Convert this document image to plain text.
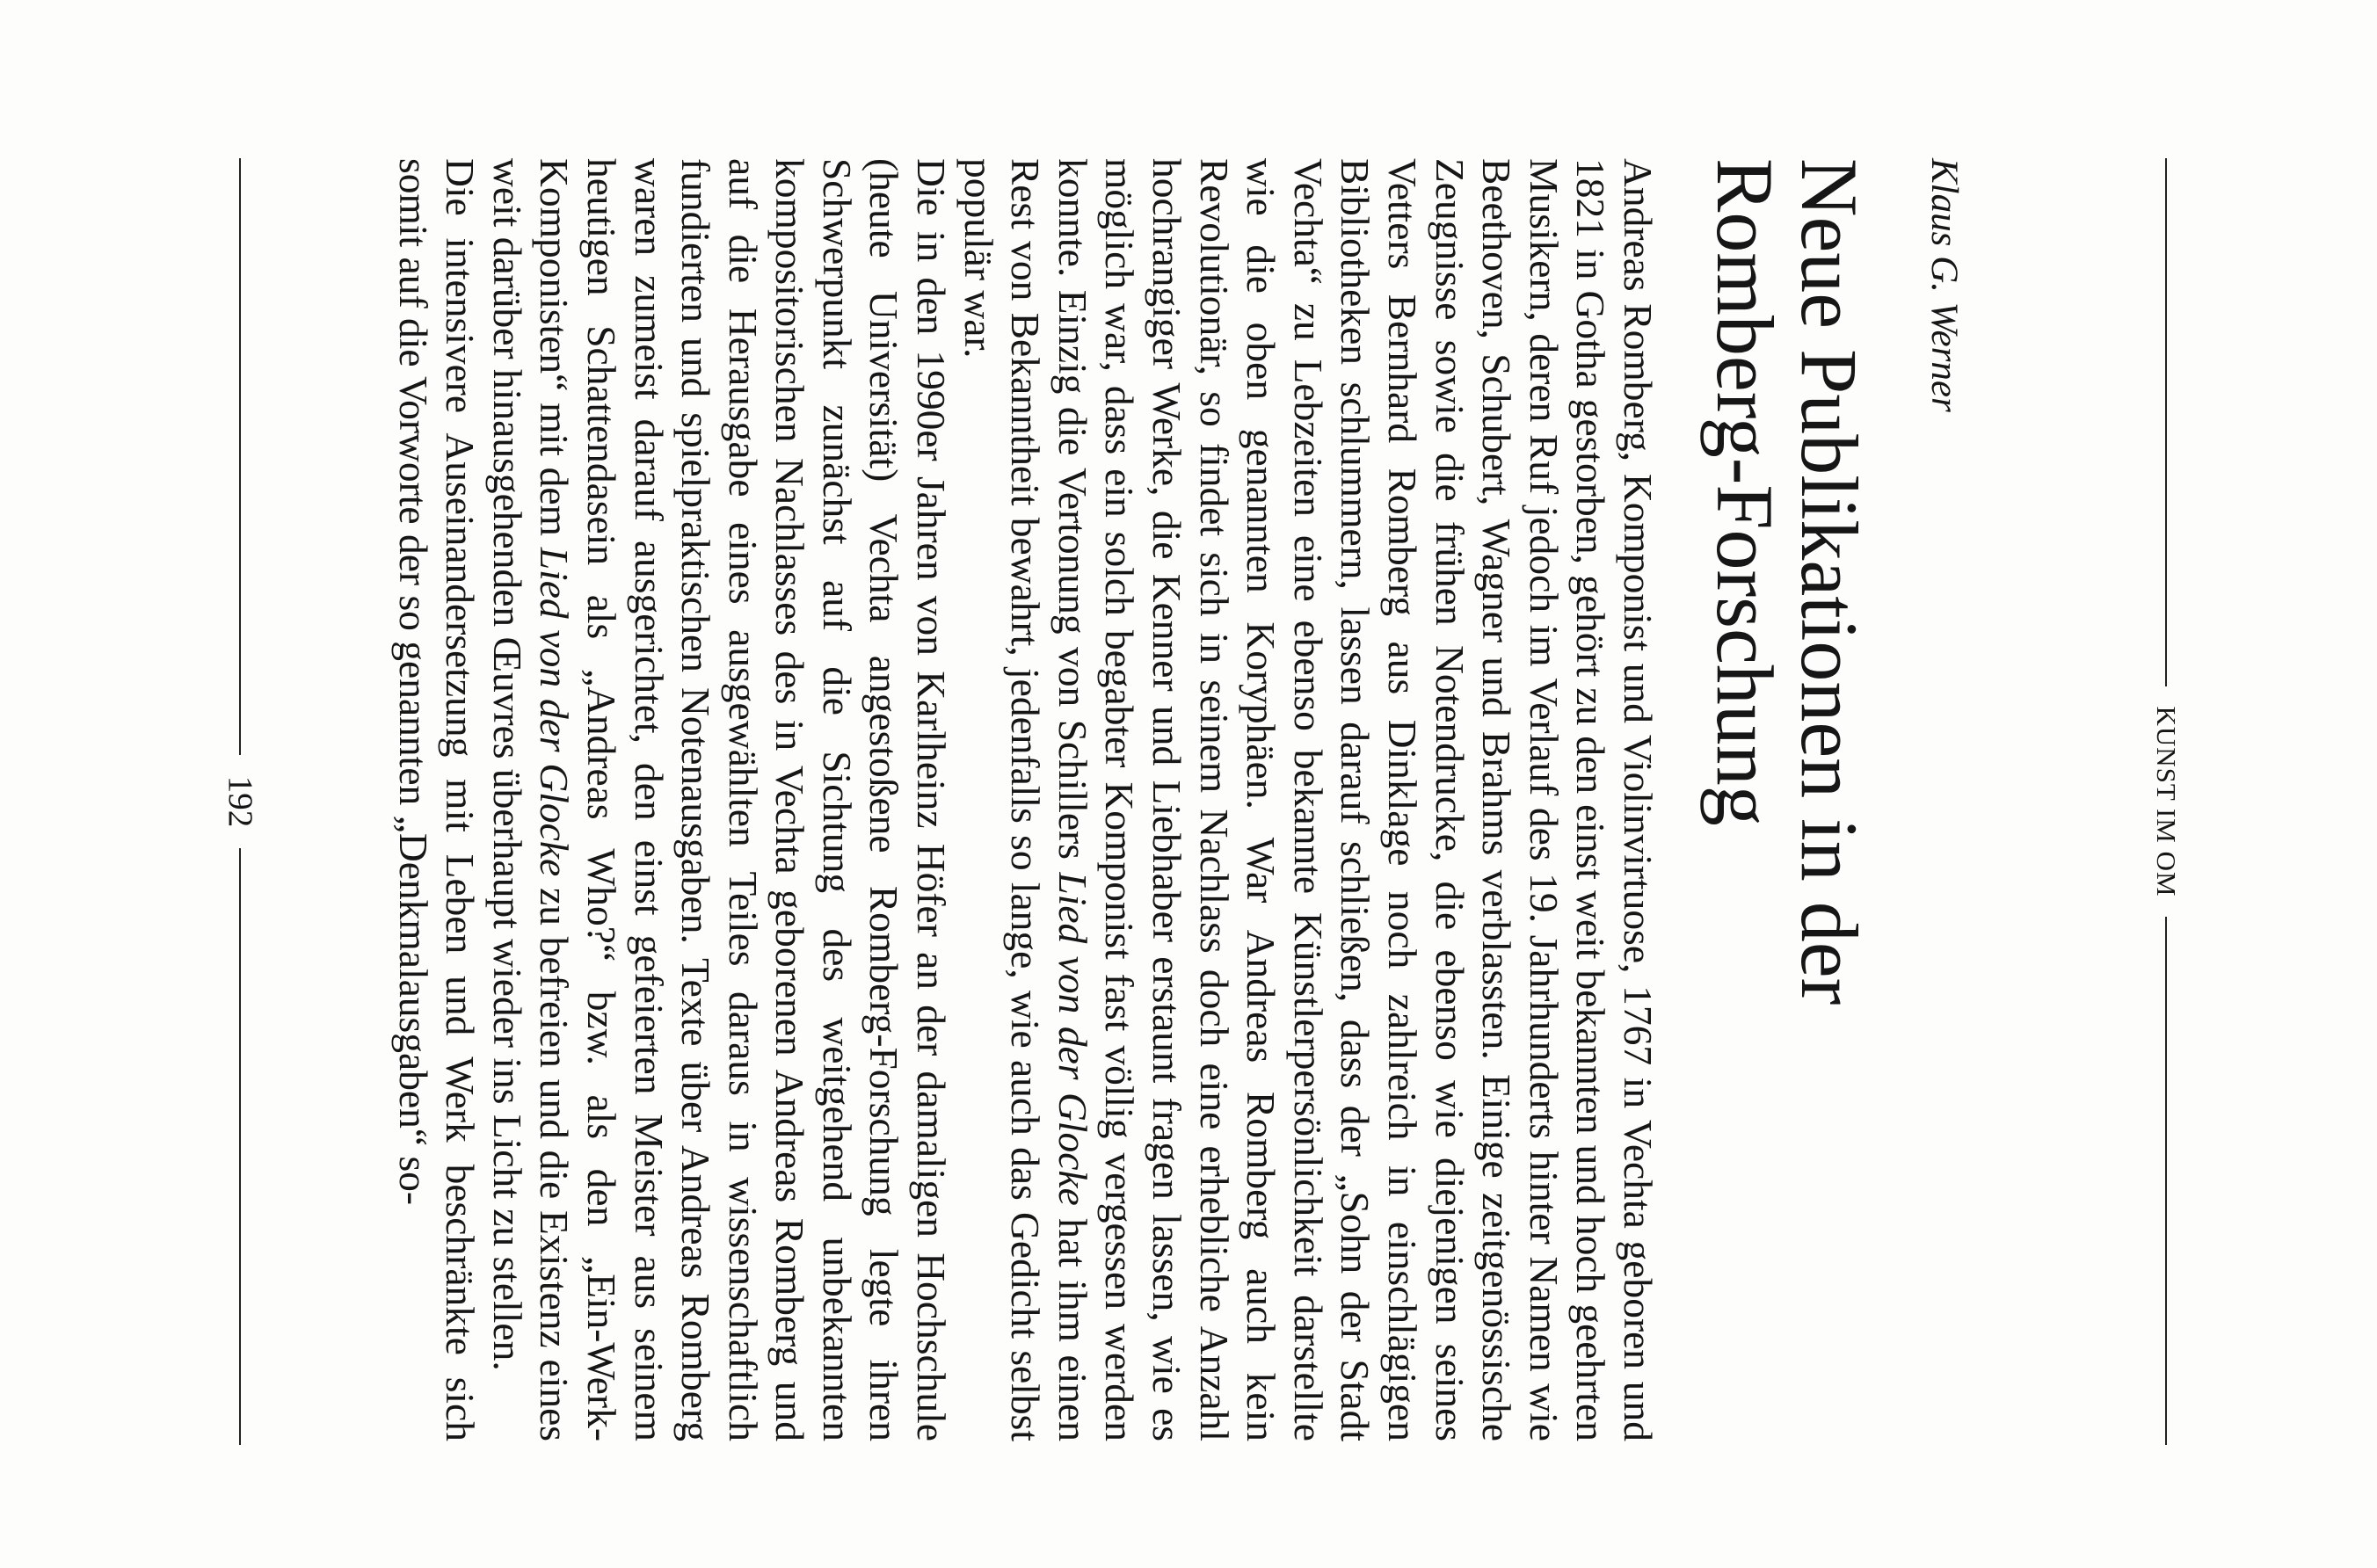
KUNST IM OM
Klaus G. Werner
Neue Publikationen in der
Romberg-Forschung

Andreas Romberg, Komponist und Violinvirtuose, 1767 in Vechta geboren und 1821 in Gotha gestorben, gehört zu den einst weit bekannten und hoch geehrten Musikern, deren Ruf jedoch im Verlauf des 19. Jahrhunderts hinter Namen wie Beethoven, Schubert, Wagner und Brahms verblassten. Einige zeitgenössische Zeugnisse sowie die frühen Notendrucke, die ebenso wie diejenigen seines Vetters Bernhard Romberg aus Dinklage noch zahlreich in einschlägigen Bibliotheken schlummern, lassen darauf schließen, dass der „Sohn der Stadt Vechta“ zu Lebzeiten eine ebenso bekannte Künstlerpersönlichkeit darstellte wie die oben genannten Koryphäen. War Andreas Romberg auch kein Revolutionär, so findet sich in seinem Nachlass doch eine erhebliche Anzahl hochrangiger Werke, die Kenner und Liebhaber erstaunt fragen lassen, wie es möglich war, dass ein solch begabter Komponist fast völlig vergessen werden konnte. Einzig die Vertonung von Schillers Lied von der Glocke hat ihm einen Rest von Bekanntheit bewahrt, jedenfalls so lange, wie auch das Gedicht selbst populär war.

Die in den 1990er Jahren von Karlheinz Höfer an der damaligen Hochschule (heute Universität) Vechta angestoßene Romberg-Forschung legte ihren Schwerpunkt zunächst auf die Sichtung des weitgehend unbekannten kompositorischen Nachlasses des in Vechta geborenen Andreas Romberg und auf die Herausgabe eines ausgewählten Teiles daraus in wissenschaftlich fundierten und spielpraktischen Notenausgaben. Texte über Andreas Romberg waren zumeist darauf ausgerichtet, den einst gefeierten Meister aus seinem heutigen Schattendasein als „Andreas Who?“ bzw. als den „Ein-Werk-Komponisten“ mit dem Lied von der Glocke zu befreien und die Existenz eines weit darüber hinausgehenden Œuvres überhaupt wieder ins Licht zu stellen.

Die intensivere Auseinandersetzung mit Leben und Werk beschränkte sich somit auf die Vorworte der so genannten „Denkmalausgaben“ so-

192
